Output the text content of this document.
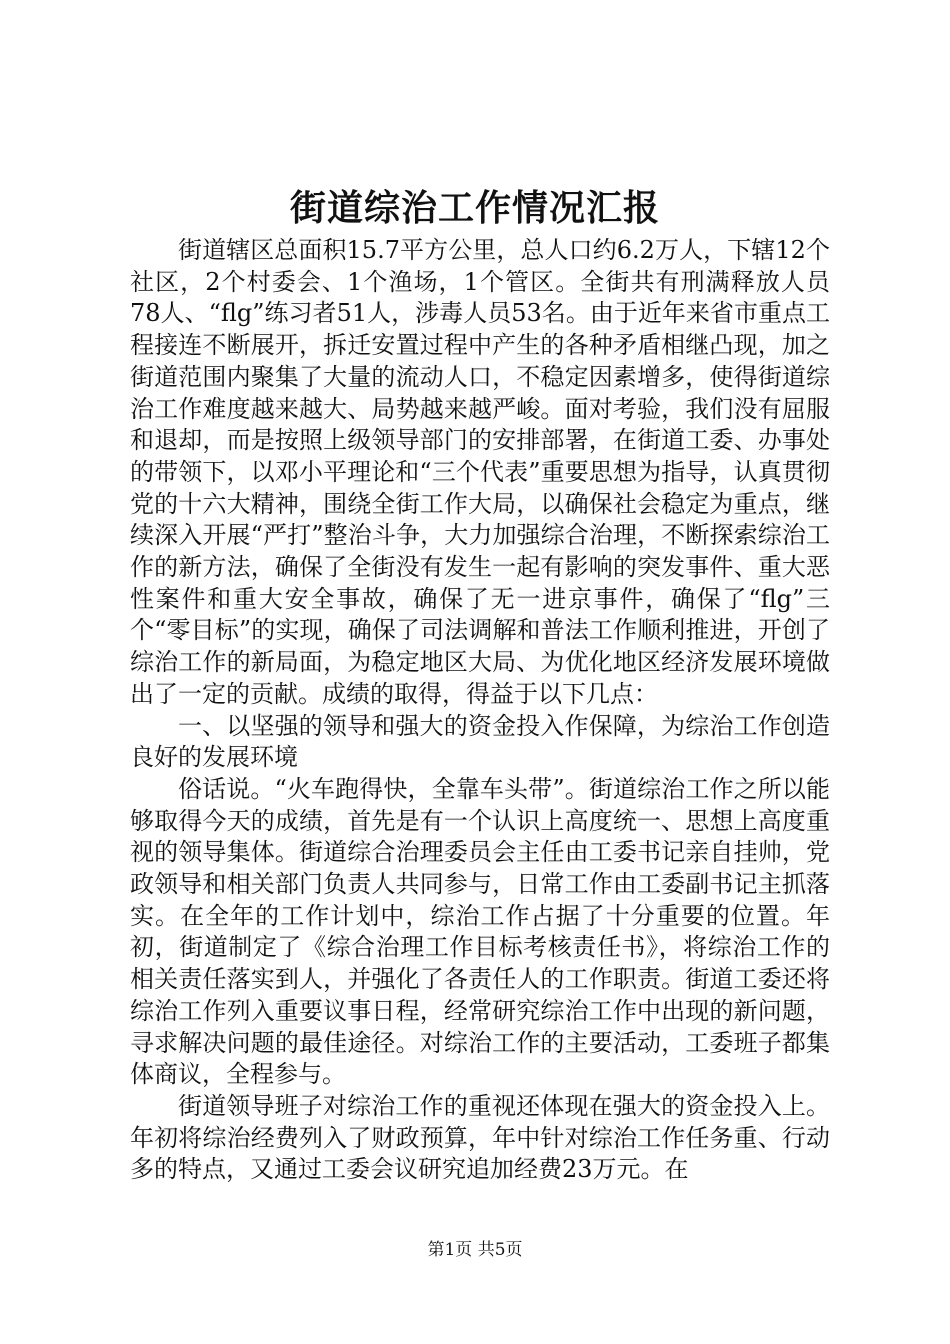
街道综治工作情况汇报

街道辖区总面积15.7平方公里，总人口约6.2万人，下辖12个社区，2个村委会、1个渔场，1个管区。全街共有刑满释放人员78人、“flg”练习者51人，涉毒人员53名。由于近年来省市重点工程接连不断展开，拆迁安置过程中产生的各种矛盾相继凸现，加之街道范围内聚集了大量的流动人口，不稳定因素增多，使得街道综治工作难度越来越大、局势越来越严峻。面对考验，我们没有屈服和退却，而是按照上级领导部门的安排部署，在街道工委、办事处的带领下，以邓小平理论和“三个代表”重要思想为指导，认真贯彻党的十六大精神，围绕全街工作大局，以确保社会稳定为重点，继续深入开展“严打”整治斗争，大力加强综合治理，不断探索综治工作的新方法，确保了全街没有发生一起有影响的突发事件、重大恶性案件和重大安全事故，确保了无一进京事件，确保了“flg”三个“零目标”的实现，确保了司法调解和普法工作顺利推进，开创了综治工作的新局面，为稳定地区大局、为优化地区经济发展环境做出了一定的贡献。成绩的取得，得益于以下几点：

一、以坚强的领导和强大的资金投入作保障，为综治工作创造良好的发展环境

俗话说。“火车跑得快，全靠车头带”。街道综治工作之所以能够取得今天的成绩，首先是有一个认识上高度统一、思想上高度重视的领导集体。街道综合治理委员会主任由工委书记亲自挂帅，党政领导和相关部门负责人共同参与，日常工作由工委副书记主抓落实。在全年的工作计划中，综治工作占据了十分重要的位置。年初，街道制定了《综合治理工作目标考核责任书》，将综治工作的相关责任落实到人，并强化了各责任人的工作职责。街道工委还将综治工作列入重要议事日程，经常研究综治工作中出现的新问题，寻求解决问题的最佳途径。对综治工作的主要活动，工委班子都集体商议，全程参与。

街道领导班子对综治工作的重视还体现在强大的资金投入上。年初将综治经费列入了财政预算，年中针对综治工作任务重、行动多的特点，又通过工委会议研究追加经费23万元。在

第1页 共5页
